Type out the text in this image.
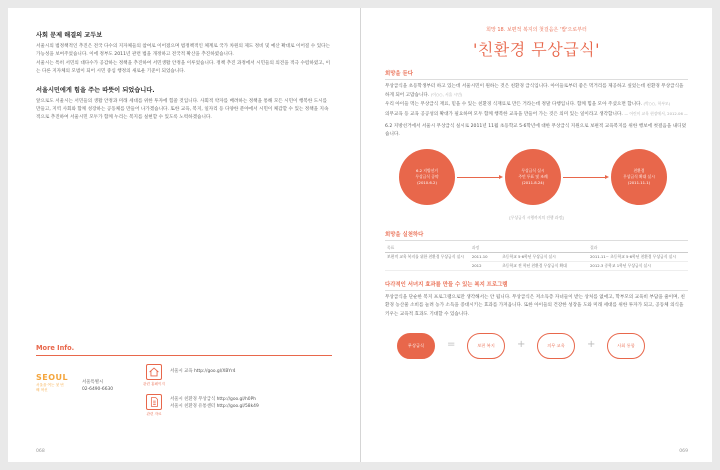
사회 문제 해결의 교두보

서울시의 범정책적인 추진은 전국 다수의 지자체들의 참여로 이어졌으며 범정책적인 체계로 국가 차원의 제도 정비 및 예산 확대로 이어질 수 있다는 가능성을 보여주었습니다. 이에 정부도 2011년 관련 법을 개정하고 전국적 확산을 추진하였습니다.

서울시는 특히 서민의 대다수가 공감하는 정책을 추진하여 서민생활 안정을 이루었습니다. 정책 추진 과정에서 시민들의 의견을 적극 수렴하였고, 이는 다른 지자체의 모범이 되어 시민 중심 행정의 새로운 기준이 되었습니다.

서울시민에게 힘을 주는 따뜻이 되었습니다.

앞으로도 서울시는 서민들의 생활 안정과 미래 세대를 위한 투자에 힘쓸 것입니다. 사회적 약자를 배려하는 정책을 통해 모든 시민이 행복한 도시를 만들고, 지역 사회와 함께 성장하는 공동체를 만들어 나가겠습니다. 또한 교육, 복지, 일자리 등 다양한 분야에서 시민이 체감할 수 있는 정책을 지속적으로 추진하여 서울시민 모두가 함께 누리는 복지를 실현할 수 있도록 노력하겠습니다.

More Info.
SEOUL
서울을 여는 첫 번째 혁신
서울특별시
02-6490-6630
관련 홈페이지
서울시 교육 http://goo.gl/XBYr4
관련 자료
서울시 친환경 무상급식 http://goo.gl/h0Ph
서울시 친환경 유통센터 http://goo.gl/58k49
068
희망 18. 보편적 복지의 첫걸음은 '밥'으로부터
'친환경 무상급식'
희망을 듣다

무상급식을 초등학생부터 하고 있는데 서울시민이 원하는 것은 친환경 급식입니다. 아이들로부터 좋은 먹거리를 제공하고 싶었는데 친환경 무상급식을 하게 되어 고맙습니다. (이○○, 서울 시민)

우리 아이들 먹는 무상급식 재료, 믿을 수 있는 친환경 식재료로 만든 거라는데 정말 다행입니다. 함께 힘을 모아 주셨으면 합니다. (박○○, 학부모)

의무교육 등 교육 공공성의 확대가 필요하며 모두 함께 행복한 교육을 만들어 가는 것은 의미 있는 일이라고 생각합니다. — 어린이 교육 현장에서, 2012.06 —

6.2 지방선거에서 서울시 무상급식 실시로 2011년 11월 초등학교 5·6학년에 대한 무상급식 지원으로 보편적 교육복지를 위한 행보에 첫걸음을 내디뎠습니다.

6.2 지방선거
무상급식 공약
(2010.6.2)
무상급식 실시
주민 투표 및 조례
(2011.8.24)
친환경
무상급식 확대 실시
(2011.11.1)
[무상급식 시행까지의 진행 과정]
희망을 실천하다
목표	과정		결과
보편적 교육 복지를 위한 친환경 무상급식 실시	2011.10	초등학교 5·6학년 무상급식 실시	2011.11~ 초등학교 5·6학년 친환경 무상급식 실시
	2012	초등학교 전 학년 친환경 무상급식 확대	2012.3 중학교 1학년 무상급식 실시
다각적인 서녀지 효과를 만들 수 있는 복지 프로그램

무상급식을 단순한 복지 프로그램으로만 생각해서는 안 됩니다. 무상급식은 저소득층 자녀들이 받는 상처를 없애고, 학부모의 교육비 부담을 줄이며, 친환경 농산물 소비를 늘려 농가 소득을 증대시키는 효과를 가져옵니다. 또한 아이들의 건강한 성장을 도와 미래 세대를 위한 투자가 되고, 공동체 의식을 키우는 교육적 효과도 기대할 수 있습니다.

무상급식	=	보편 복지	+	의무 교육	+	사회 통합
069
